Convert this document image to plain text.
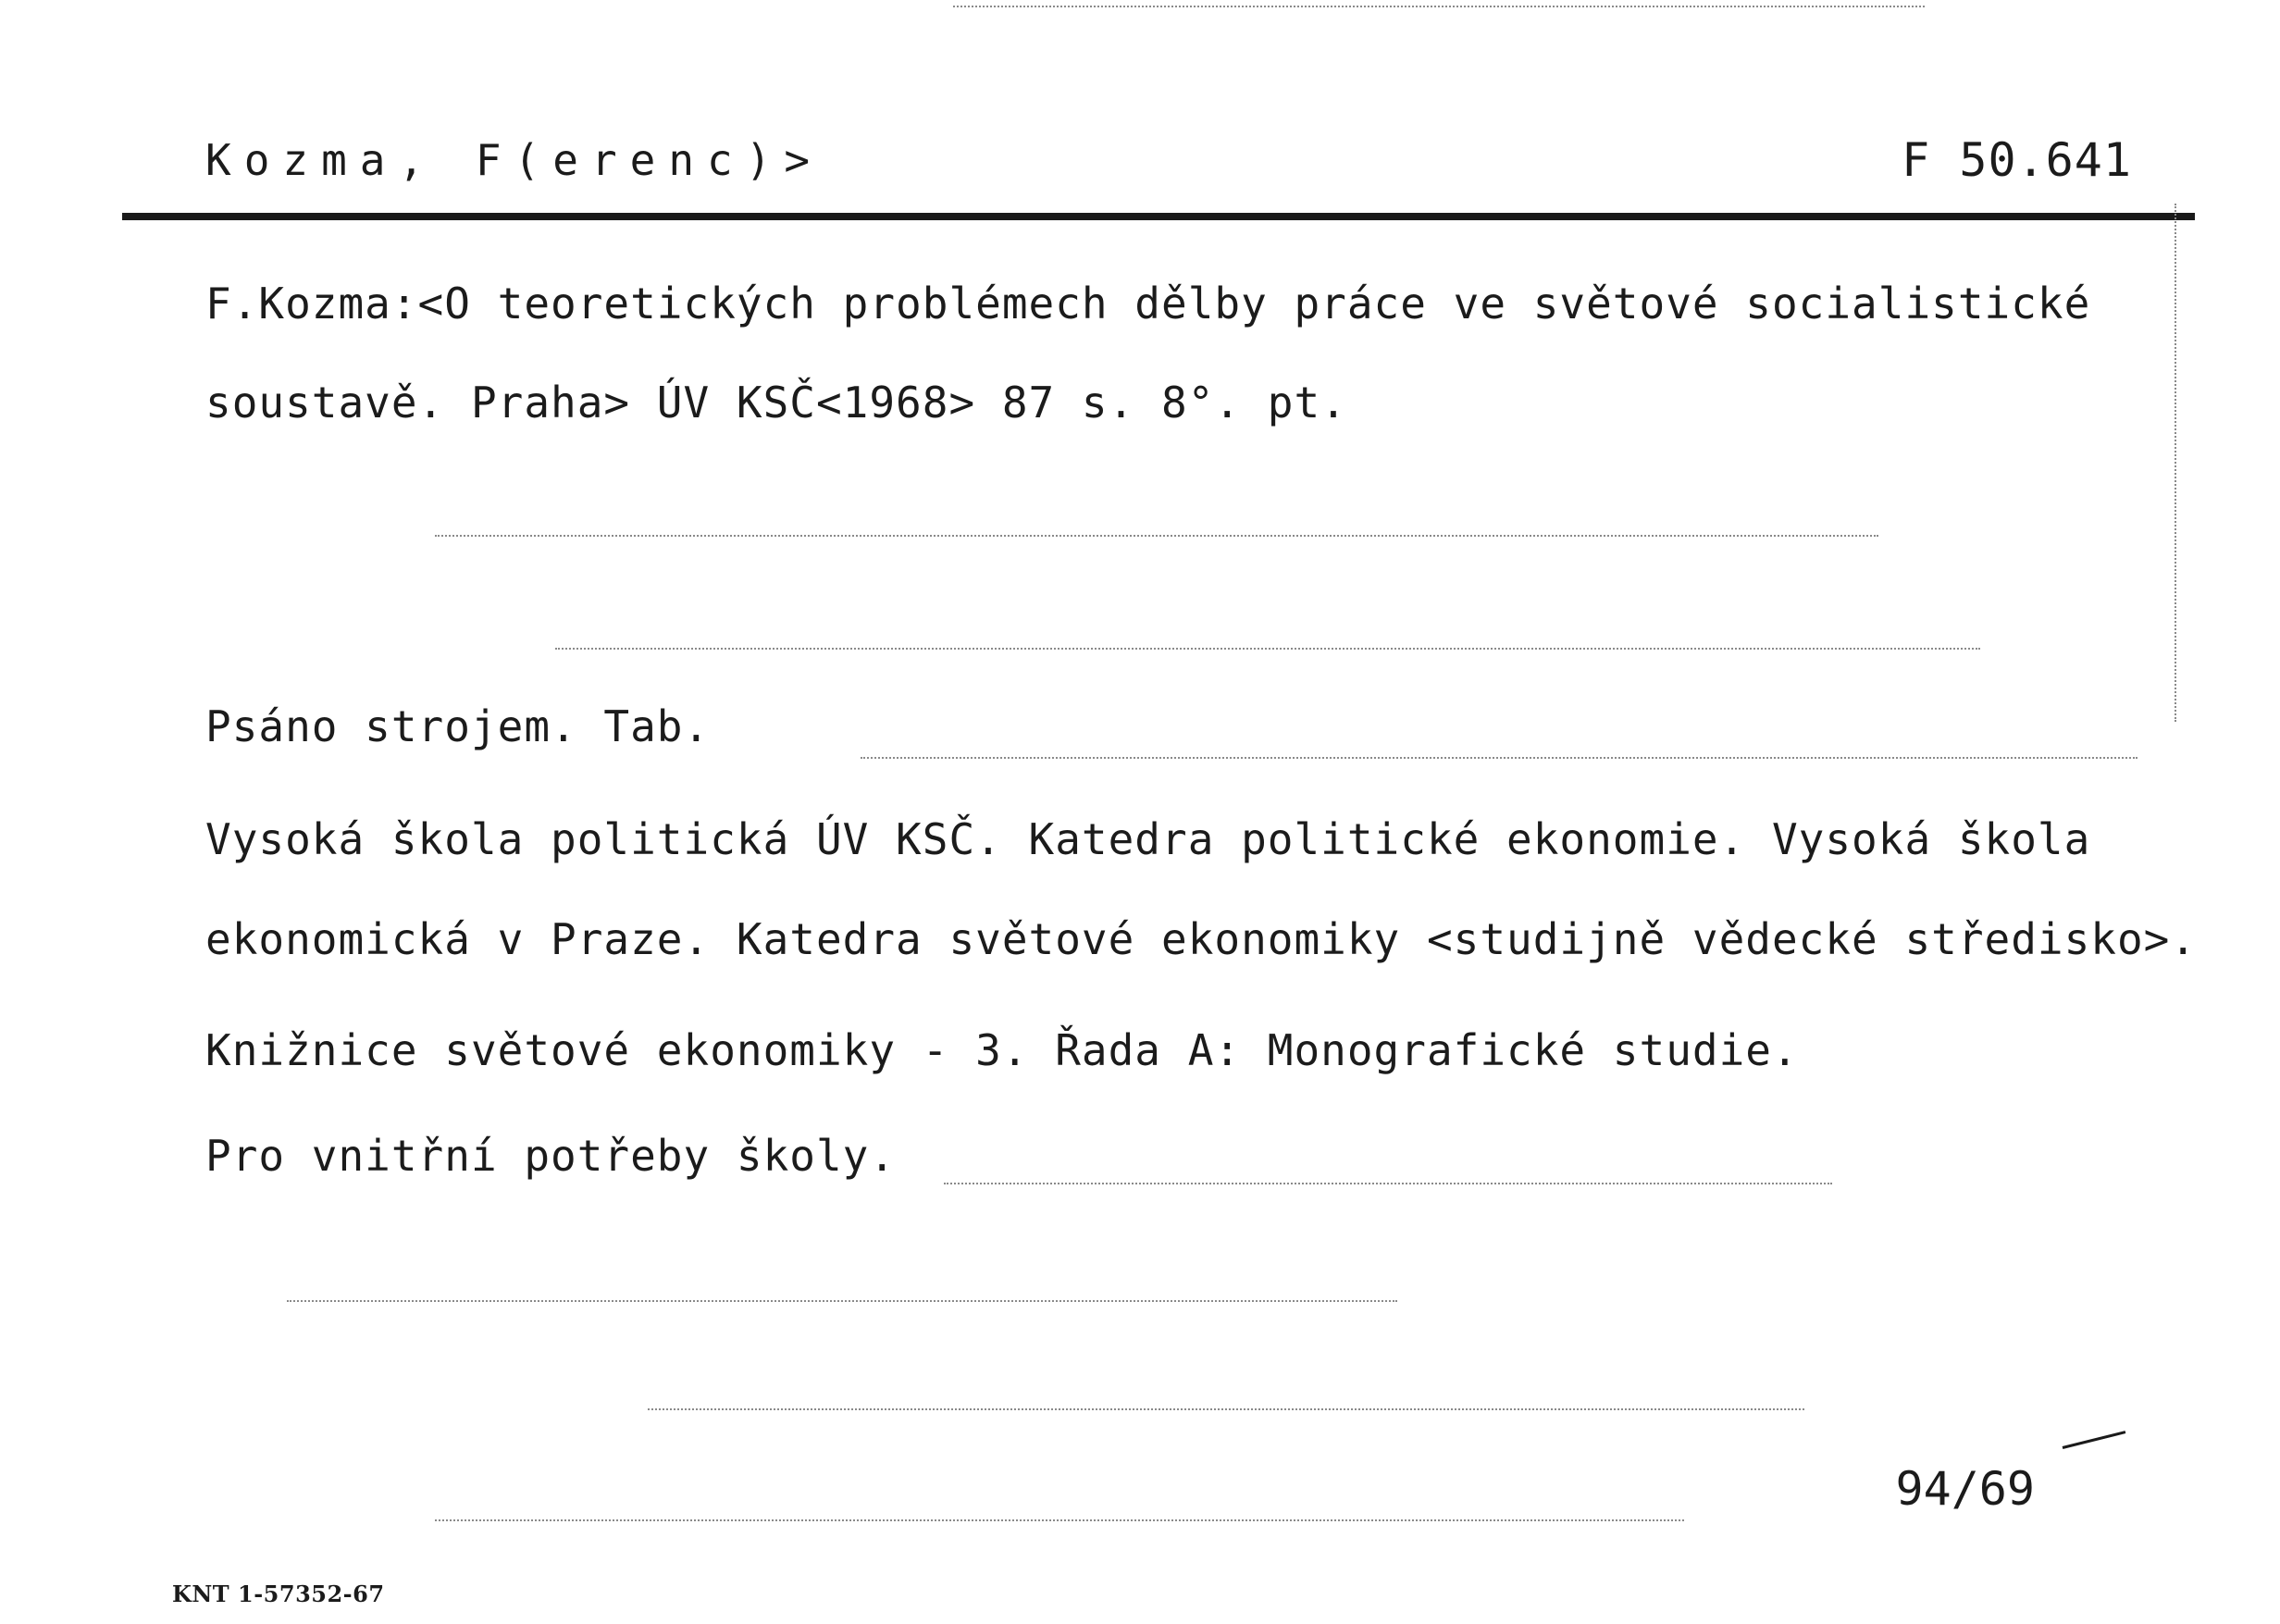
Kozma, F(erenc)>	F 50.641
F.Kozma:<O teoretických problémech dělby práce ve světové socialistické
soustavě. Praha> ÚV KSČ<1968> 87 s. 8°. pt.
Psáno strojem. Tab.
Vysoká škola politická ÚV KSČ. Katedra politické ekonomie. Vysoká škola
ekonomická v Praze. Katedra světové ekonomiky <studijně vědecké středisko>.
Knižnice světové ekonomiky - 3. Řada A: Monografické studie.
Pro vnitřní potřeby školy.
94/69
KNT 1-57352-67
